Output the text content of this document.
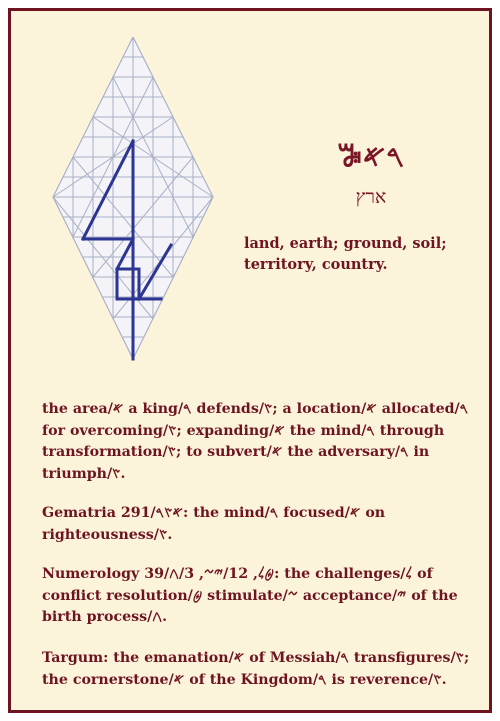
ꕅ𐤓𐤀
ארץ
land, earth; ground, soil; territory, country.
the area/𐤀 a king/𐤓 defends/𐤑; a location/𐤀 allocated/𐤓 for overcoming/𐤑; expanding/𐤀 the mind/𐤓 through transformation/𐤑; to subvert/𐤀 the adversary/𐤓 in triumph/𐤑.
Gematria 291/𐤀𐤑𐤓: the mind/𐤓 focused/𐤀 on righteousness/𐤑.
Numerology 39/𐤈𐤋, 12/𐤉𐤆, 3/𐤂: the challenges/𐤋 of conflict resolution/𐤈 stimulate/𐤆 acceptance/𐤉 of the birth process/𐤂.
Targum: the emanation/𐤀 of Messiah/𐤓 transfigures/𐤑; the cornerstone/𐤀 of the Kingdom/𐤓 is reverence/𐤑.
